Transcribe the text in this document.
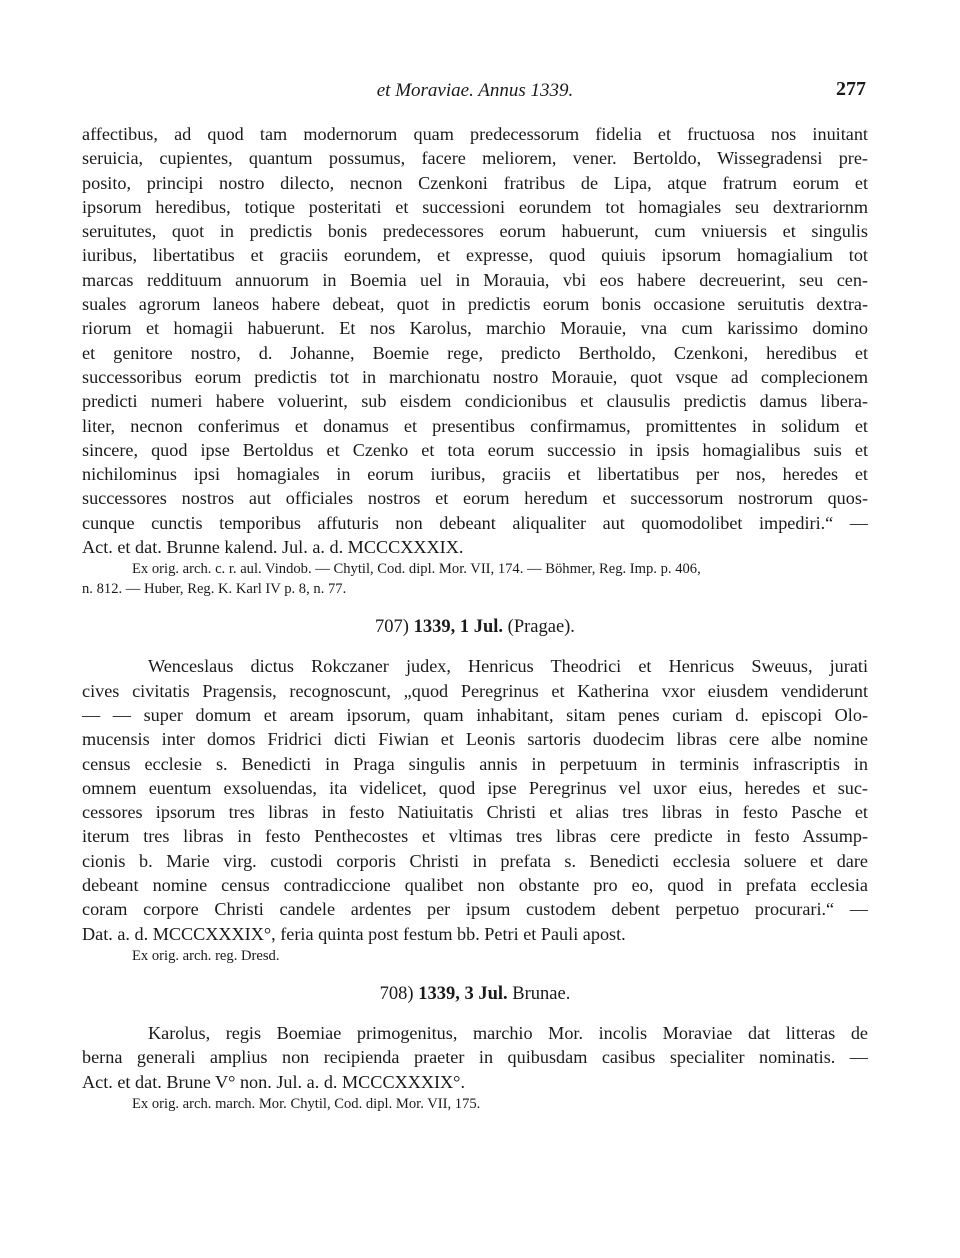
et Moraviae. Annus 1339.	277

affectibus, ad quod tam modernorum quam predecessorum fidelia et fructuosa nos inuitant
seruicia, cupientes, quantum possumus, facere meliorem, vener. Bertoldo, Wissegradensi pre-
posito, principi nostro dilecto, necnon Czenkoni fratribus de Lipa, atque fratrum eorum et
ipsorum heredibus, totique posteritati et successioni eorundem tot homagiales seu dextrariornm
seruitutes, quot in predictis bonis predecessores eorum habuerunt, cum vniuersis et singulis
iuribus, libertatibus et graciis eorundem, et expresse, quod quiuis ipsorum homagialium tot
marcas reddituum annuorum in Boemia uel in Morauia, vbi eos habere decreuerint, seu cen-
suales agrorum laneos habere debeat, quot in predictis eorum bonis occasione seruitutis dextra-
riorum et homagii habuerunt. Et nos Karolus, marchio Morauie, vna cum karissimo domino
et genitore nostro, d. Johanne, Boemie rege, predicto Bertholdo, Czenkoni, heredibus et
successoribus eorum predictis tot in marchionatu nostro Morauie, quot vsque ad complecionem
predicti numeri habere voluerint, sub eisdem condicionibus et clausulis predictis damus libera-
liter, necnon conferimus et donamus et presentibus confirmamus, promittentes in solidum et
sincere, quod ipse Bertoldus et Czenko et tota eorum successio in ipsis homagialibus suis et
nichilominus ipsi homagiales in eorum iuribus, graciis et libertatibus per nos, heredes et
successores nostros aut officiales nostros et eorum heredum et successorum nostrorum quos-
cunque cunctis temporibus affuturis non debeant aliqualiter aut quomodolibet impediri.“ —
Act. et dat. Brunne kalend. Jul. a. d. MCCCXXXIX.

Ex orig. arch. c. r. aul. Vindob. — Chytil, Cod. dipl. Mor. VII, 174. — Böhmer, Reg. Imp. p. 406,
n. 812. — Huber, Reg. K. Karl IV p. 8, n. 77.

707) 1339, 1 Jul. (Pragae).

Wenceslaus dictus Rokczaner judex, Henricus Theodrici et Henricus Sweuus, jurati
cives civitatis Pragensis, recognoscunt, „quod Peregrinus et Katherina vxor eiusdem vendiderunt
— — super domum et aream ipsorum, quam inhabitant, sitam penes curiam d. episcopi Olo-
mucensis inter domos Fridrici dicti Fiwian et Leonis sartoris duodecim libras cere albe nomine
census ecclesie s. Benedicti in Praga singulis annis in perpetuum in terminis infrascriptis in
omnem euentum exsoluendas, ita videlicet, quod ipse Peregrinus vel uxor eius, heredes et suc-
cessores ipsorum tres libras in festo Natiuitatis Christi et alias tres libras in festo Pasche et
iterum tres libras in festo Penthecostes et vltimas tres libras cere predicte in festo Assump-
cionis b. Marie virg. custodi corporis Christi in prefata s. Benedicti ecclesia soluere et dare
debeant nomine census contradiccione qualibet non obstante pro eo, quod in prefata ecclesia
coram corpore Christi candele ardentes per ipsum custodem debent perpetuo procurari.“ —
Dat. a. d. MCCCXXXIX°, feria quinta post festum bb. Petri et Pauli apost.

Ex orig. arch. reg. Dresd.

708) 1339, 3 Jul. Brunae.

Karolus, regis Boemiae primogenitus, marchio Mor. incolis Moraviae dat litteras de
berna generali amplius non recipienda praeter in quibusdam casibus specialiter nominatis. —
Act. et dat. Brune V° non. Jul. a. d. MCCCXXXIX°.

Ex orig. arch. march. Mor. Chytil, Cod. dipl. Mor. VII, 175.
